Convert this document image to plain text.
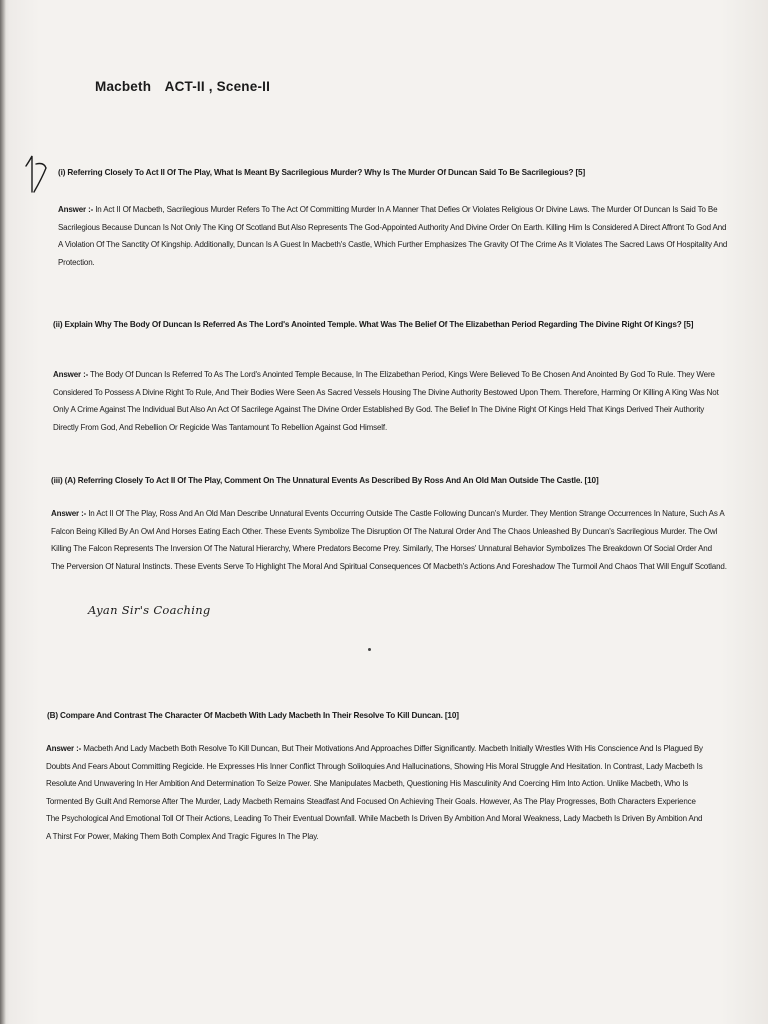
Macbeth ACT-II , Scene-II
(i) Referring Closely To Act II Of The Play, What Is Meant By Sacrilegious Murder? Why Is The Murder Of Duncan Said To Be Sacrilegious? [5]
Answer :- In Act II Of Macbeth, Sacrilegious Murder Refers To The Act Of Committing Murder In A Manner That Defies Or Violates Religious Or Divine Laws. The Murder Of Duncan Is Said To Be Sacrilegious Because Duncan Is Not Only The King Of Scotland But Also Represents The God-Appointed Authority And Divine Order On Earth. Killing Him Is Considered A Direct Affront To God And A Violation Of The Sanctity Of Kingship. Additionally, Duncan Is A Guest In Macbeth's Castle, Which Further Emphasizes The Gravity Of The Crime As It Violates The Sacred Laws Of Hospitality And Protection.
(ii) Explain Why The Body Of Duncan Is Referred As The Lord's Anointed Temple. What Was The Belief Of The Elizabethan Period Regarding The Divine Right Of Kings? [5]
Answer :- The Body Of Duncan Is Referred To As The Lord's Anointed Temple Because, In The Elizabethan Period, Kings Were Believed To Be Chosen And Anointed By God To Rule. They Were Considered To Possess A Divine Right To Rule, And Their Bodies Were Seen As Sacred Vessels Housing The Divine Authority Bestowed Upon Them. Therefore, Harming Or Killing A King Was Not Only A Crime Against The Individual But Also An Act Of Sacrilege Against The Divine Order Established By God. The Belief In The Divine Right Of Kings Held That Kings Derived Their Authority Directly From God, And Rebellion Or Regicide Was Tantamount To Rebellion Against God Himself.
(iii) (A) Referring Closely To Act II Of The Play, Comment On The Unnatural Events As Described By Ross And An Old Man Outside The Castle. [10]
Answer :- In Act II Of The Play, Ross And An Old Man Describe Unnatural Events Occurring Outside The Castle Following Duncan's Murder. They Mention Strange Occurrences In Nature, Such As A Falcon Being Killed By An Owl And Horses Eating Each Other. These Events Symbolize The Disruption Of The Natural Order And The Chaos Unleashed By Duncan's Sacrilegious Murder. The Owl Killing The Falcon Represents The Inversion Of The Natural Hierarchy, Where Predators Become Prey. Similarly, The Horses' Unnatural Behavior Symbolizes The Breakdown Of Social Order And The Perversion Of Natural Instincts. These Events Serve To Highlight The Moral And Spiritual Consequences Of Macbeth's Actions And Foreshadow The Turmoil And Chaos That Will Engulf Scotland.
Ayan Sir's Coaching
(B) Compare And Contrast The Character Of Macbeth With Lady Macbeth In Their Resolve To Kill Duncan. [10]
Answer :- Macbeth And Lady Macbeth Both Resolve To Kill Duncan, But Their Motivations And Approaches Differ Significantly. Macbeth Initially Wrestles With His Conscience And Is Plagued By Doubts And Fears About Committing Regicide. He Expresses His Inner Conflict Through Soliloquies And Hallucinations, Showing His Moral Struggle And Hesitation. In Contrast, Lady Macbeth Is Resolute And Unwavering In Her Ambition And Determination To Seize Power. She Manipulates Macbeth, Questioning His Masculinity And Coercing Him Into Action. Unlike Macbeth, Who Is Tormented By Guilt And Remorse After The Murder, Lady Macbeth Remains Steadfast And Focused On Achieving Their Goals. However, As The Play Progresses, Both Characters Experience The Psychological And Emotional Toll Of Their Actions, Leading To Their Eventual Downfall. While Macbeth Is Driven By Ambition And Moral Weakness, Lady Macbeth Is Driven By Ambition And A Thirst For Power, Making Them Both Complex And Tragic Figures In The Play.
